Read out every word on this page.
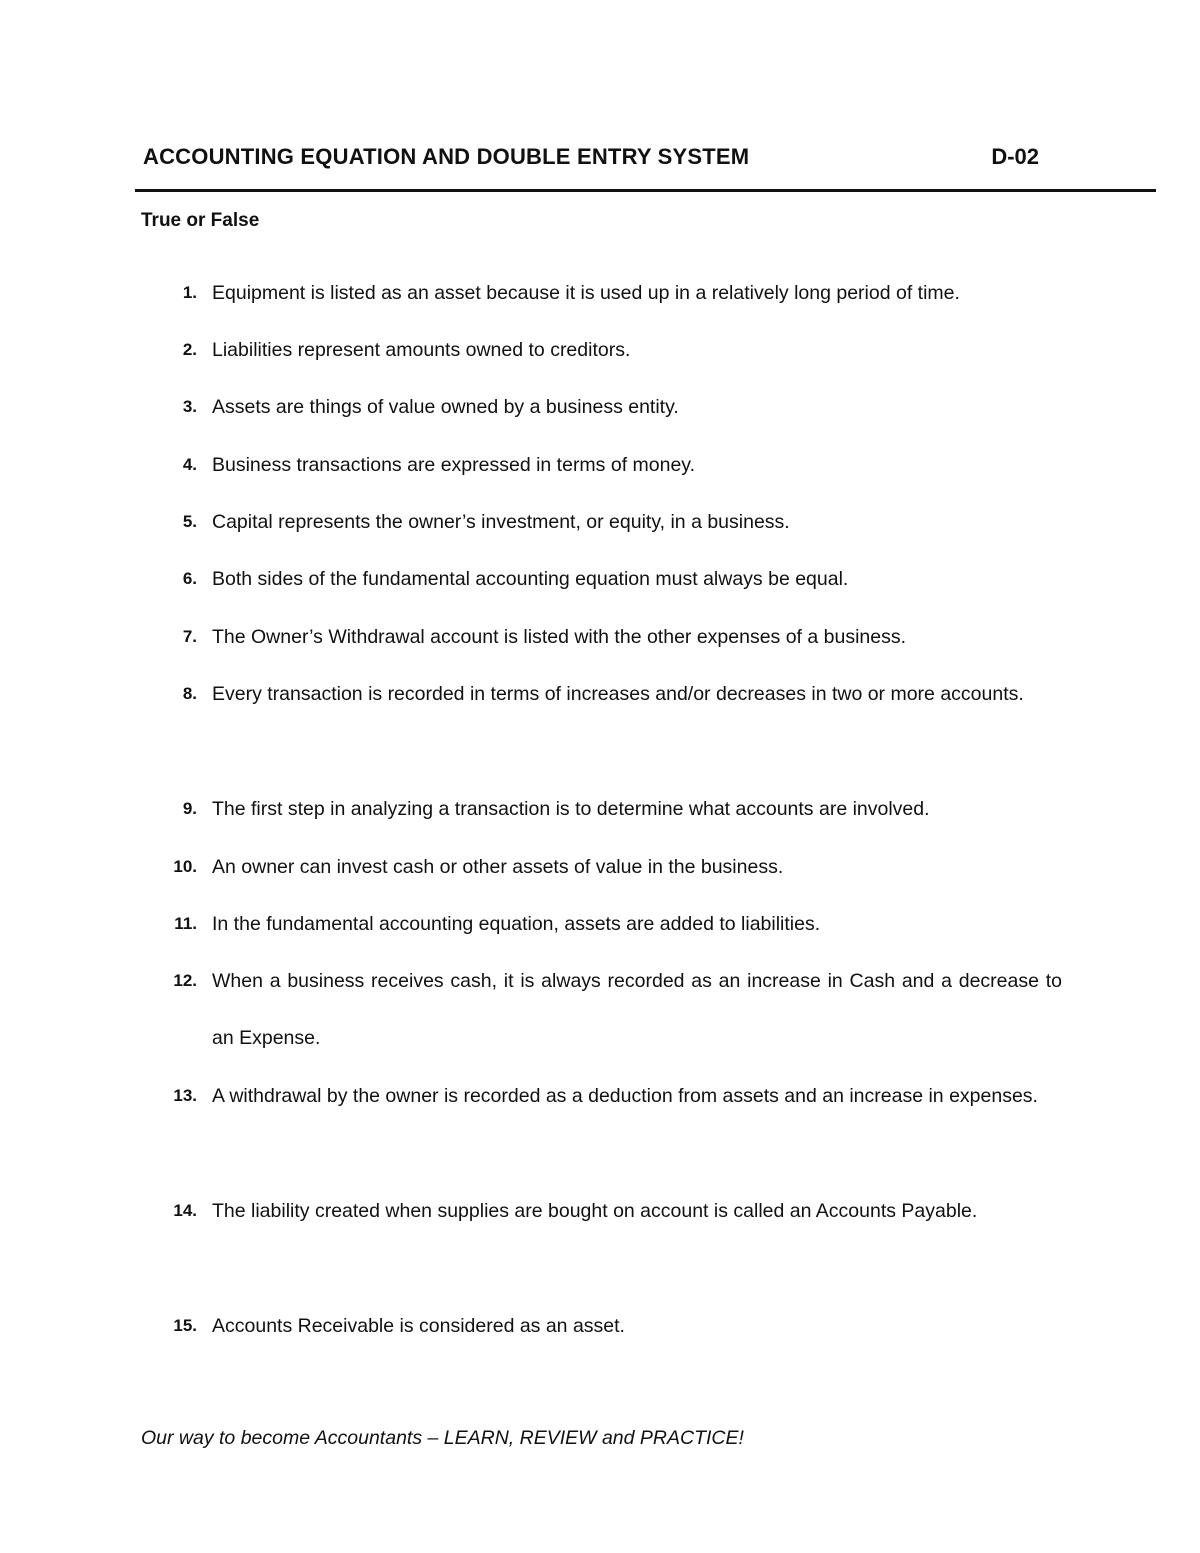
ACCOUNTING EQUATION AND DOUBLE ENTRY SYSTEM	D-02
True or False
1. Equipment is listed as an asset because it is used up in a relatively long period of time.
2. Liabilities represent amounts owned to creditors.
3. Assets are things of value owned by a business entity.
4. Business transactions are expressed in terms of money.
5. Capital represents the owner’s investment, or equity, in a business.
6. Both sides of the fundamental accounting equation must always be equal.
7. The Owner’s Withdrawal account is listed with the other expenses of a business.
8. Every transaction is recorded in terms of increases and/or decreases in two or more accounts.
9. The first step in analyzing a transaction is to determine what accounts are involved.
10. An owner can invest cash or other assets of value in the business.
11. In the fundamental accounting equation, assets are added to liabilities.
12. When a business receives cash, it is always recorded as an increase in Cash and a decrease to an Expense.
13. A withdrawal by the owner is recorded as a deduction from assets and an increase in expenses.
14. The liability created when supplies are bought on account is called an Accounts Payable.
15. Accounts Receivable is considered as an asset.
Our way to become Accountants – LEARN, REVIEW and PRACTICE!
